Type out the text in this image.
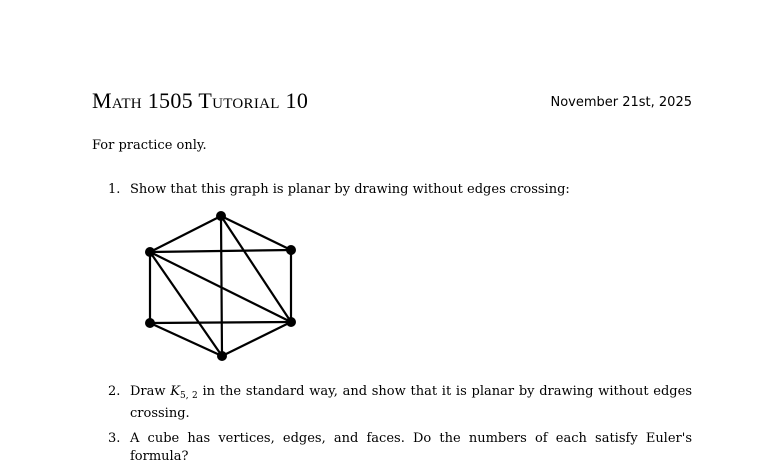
Math 1505 Tutorial 10	November 21st, 2025
For practice only.
1. Show that this graph is planar by drawing without edges crossing:
2. Draw $K_{5, 2}$ in the standard way, and show that it is planar by drawing without edges crossing.
3. A cube has vertices, edges, and faces. Do the numbers of each satisfy Euler's formula?
